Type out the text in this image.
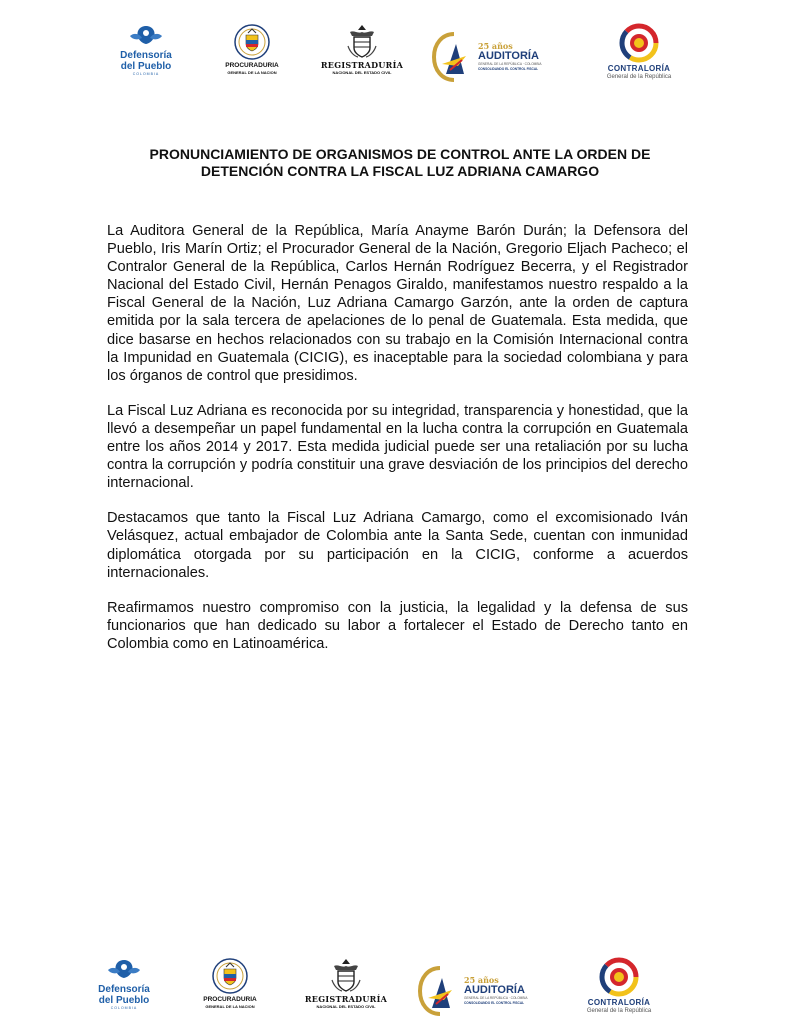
Defensoría
del Pueblo
COLOMBIA
PROCURADURIA
GENERAL DE LA NACION
REGISTRADURÍA
NACIONAL DEL ESTADO CIVIL
25 años
AUDITORÍA
GENERAL DE LA REPÚBLICA · COLOMBIA
CONSOLIDANDO EL CONTROL FISCAL	CONTRALORÍA
General de la República
PRONUNCIAMIENTO DE ORGANISMOS DE CONTROL ANTE LA ORDEN DE
DETENCIÓN CONTRA LA FISCAL LUZ ADRIANA CAMARGO

La Auditora General de la República, María Anayme Barón Durán; la Defensora del Pueblo, Iris Marín Ortiz; el Procurador General de la Nación, Gregorio Eljach Pacheco; el Contralor General de la República, Carlos Hernán Rodríguez Becerra, y el Registrador Nacional del Estado Civil, Hernán Penagos Giraldo, manifestamos nuestro respaldo a la Fiscal General de la Nación, Luz Adriana Camargo Garzón, ante la orden de captura emitida por la sala tercera de apelaciones de lo penal de Guatemala. Esta medida, que dice basarse en hechos relacionados con su trabajo en la Comisión Internacional contra la Impunidad en Guatemala (CICIG), es inaceptable para la sociedad colombiana y para los órganos de control que presidimos.

La Fiscal Luz Adriana es reconocida por su integridad, transparencia y honestidad, que la llevó a desempeñar un papel fundamental en la lucha contra la corrupción en Guatemala entre los años 2014 y 2017. Esta medida judicial puede ser una retaliación por su lucha contra la corrupción y podría constituir una grave desviación de los principios del derecho internacional.

Destacamos que tanto la Fiscal Luz Adriana Camargo, como el excomisionado Iván Velásquez, actual embajador de Colombia ante la Santa Sede, cuentan con inmunidad diplomática otorgada por su participación en la CICIG, conforme a acuerdos internacionales.

Reafirmamos nuestro compromiso con la justicia, la legalidad y la defensa de sus funcionarios que han dedicado su labor a fortalecer el Estado de Derecho tanto en Colombia como en Latinoamérica.

Defensoría
del Pueblo
COLOMBIA
PROCURADURIA
GENERAL DE LA NACION
REGISTRADURÍA
NACIONAL DEL ESTADO CIVIL
25 años
AUDITORÍA
GENERAL DE LA REPÚBLICA · COLOMBIA
CONSOLIDANDO EL CONTROL FISCAL	CONTRALORÍA
General de la República
